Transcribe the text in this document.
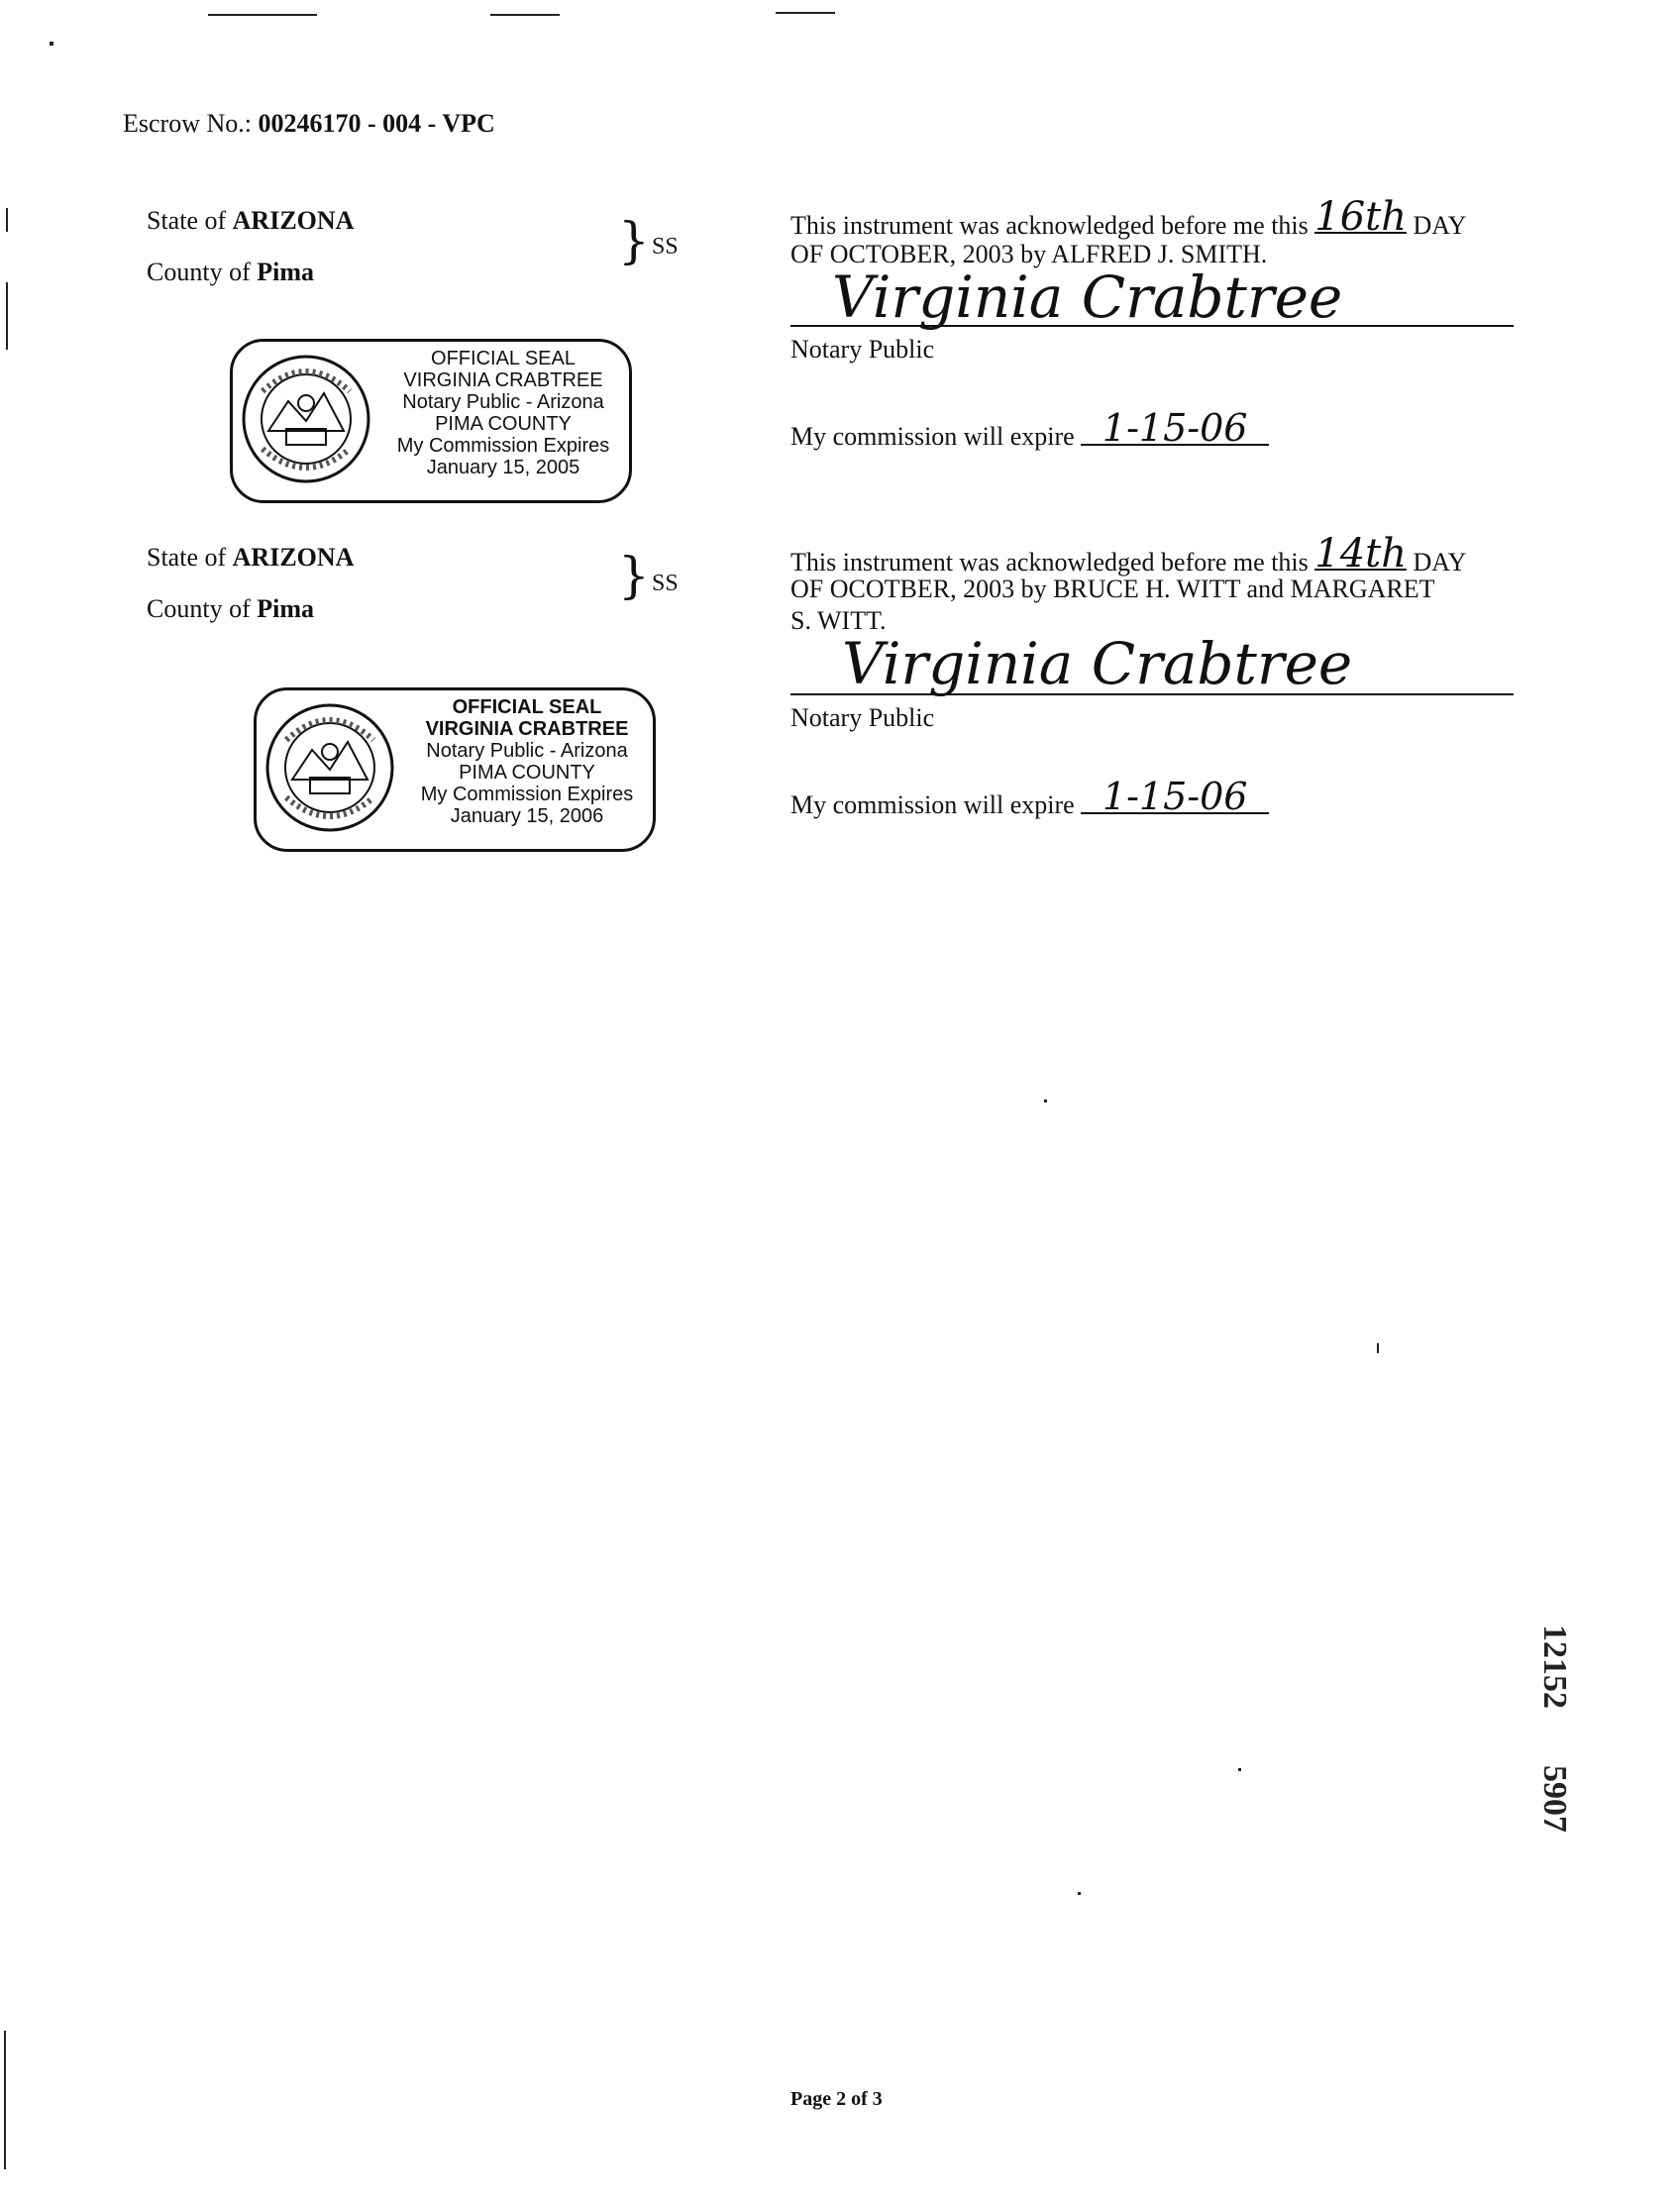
Escrow No.: 00246170 - 004 - VPC
State of ARIZONA
County of Pima
} SS
OFFICIAL SEAL
VIRGINIA CRABTREE
Notary Public - Arizona
PIMA COUNTY
My Commission Expires
January 15, 2005
This instrument was acknowledged before me this 16th DAY
OF OCTOBER, 2003 by ALFRED J. SMITH.
Virginia Crabtree
Notary Public
My commission will expire 1-15-06
State of ARIZONA
County of Pima
} SS
OFFICIAL SEAL
VIRGINIA CRABTREE
Notary Public - Arizona
PIMA COUNTY
My Commission Expires
January 15, 2006
This instrument was acknowledged before me this 14th DAY
OF OCOTBER, 2003 by BRUCE H. WITT and MARGARET
S. WITT.
Virginia Crabtree
Notary Public
My commission will expire 1-15-06
12152  5907
Page 2 of 3
